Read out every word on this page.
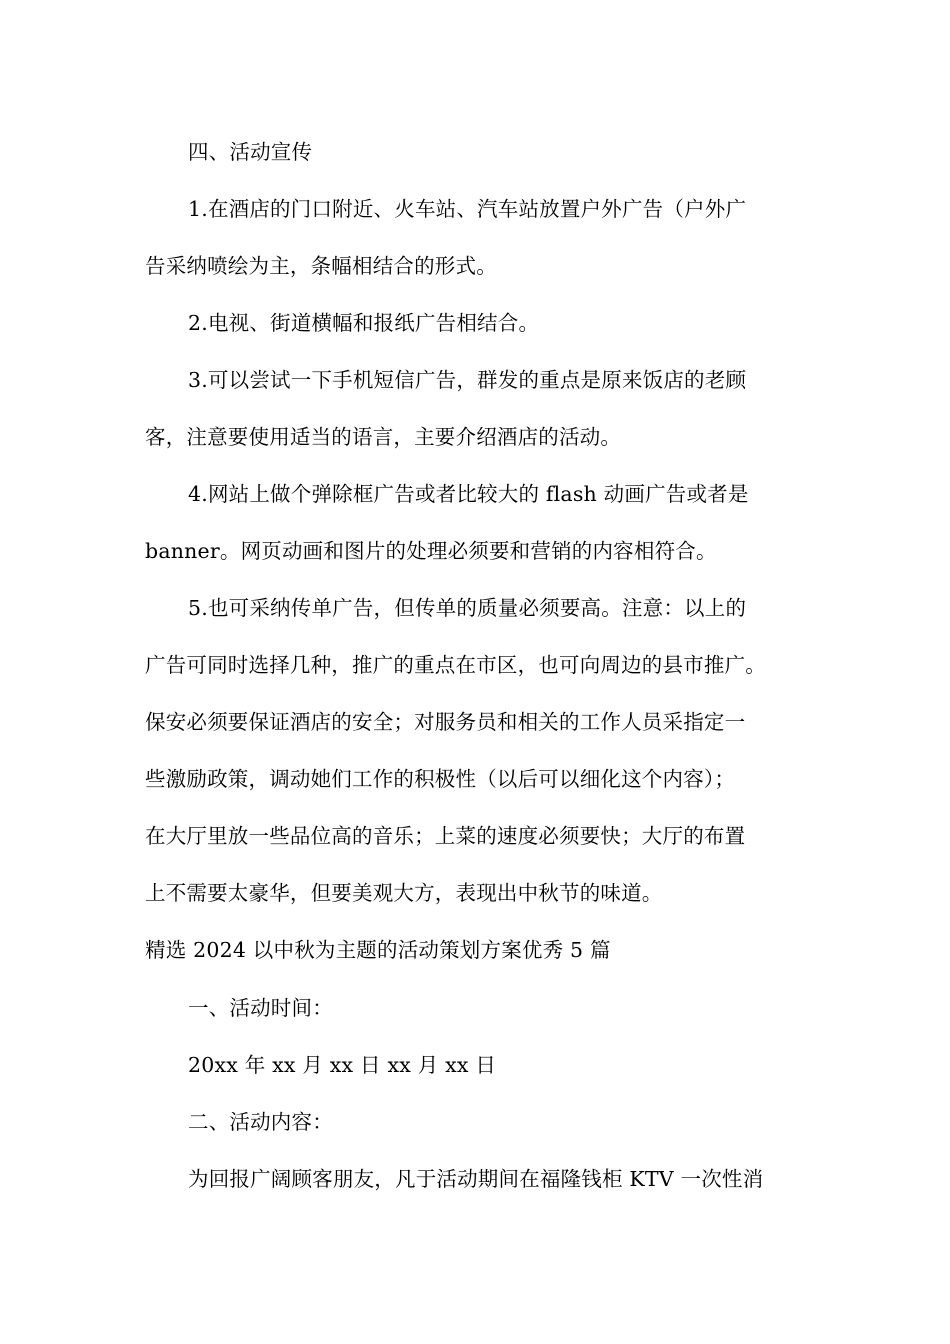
四、活动宣传
1.在酒店的门口附近、火车站、汽车站放置户外广告（户外广
告采纳喷绘为主，条幅相结合的形式。
2.电视、街道横幅和报纸广告相结合。
3.可以尝试一下手机短信广告，群发的重点是原来饭店的老顾
客，注意要使用适当的语言，主要介绍酒店的活动。
4.网站上做个弹除框广告或者比较大的 flash 动画广告或者是
banner。网页动画和图片的处理必须要和营销的内容相符合。
5.也可采纳传单广告，但传单的质量必须要高。注意：以上的
广告可同时选择几种，推广的重点在市区，也可向周边的县市推广。
保安必须要保证酒店的安全；对服务员和相关的工作人员采指定一
些激励政策，调动她们工作的积极性（以后可以细化这个内容）；
在大厅里放一些品位高的音乐；上菜的速度必须要快；大厅的布置
上不需要太豪华，但要美观大方，表现出中秋节的味道。
精选 2024 以中秋为主题的活动策划方案优秀 5 篇
一、活动时间：
20xx 年 xx 月 xx 日 xx 月 xx 日
二、活动内容：
为回报广阔顾客朋友，凡于活动期间在福隆钱柜 KTV 一次性消
